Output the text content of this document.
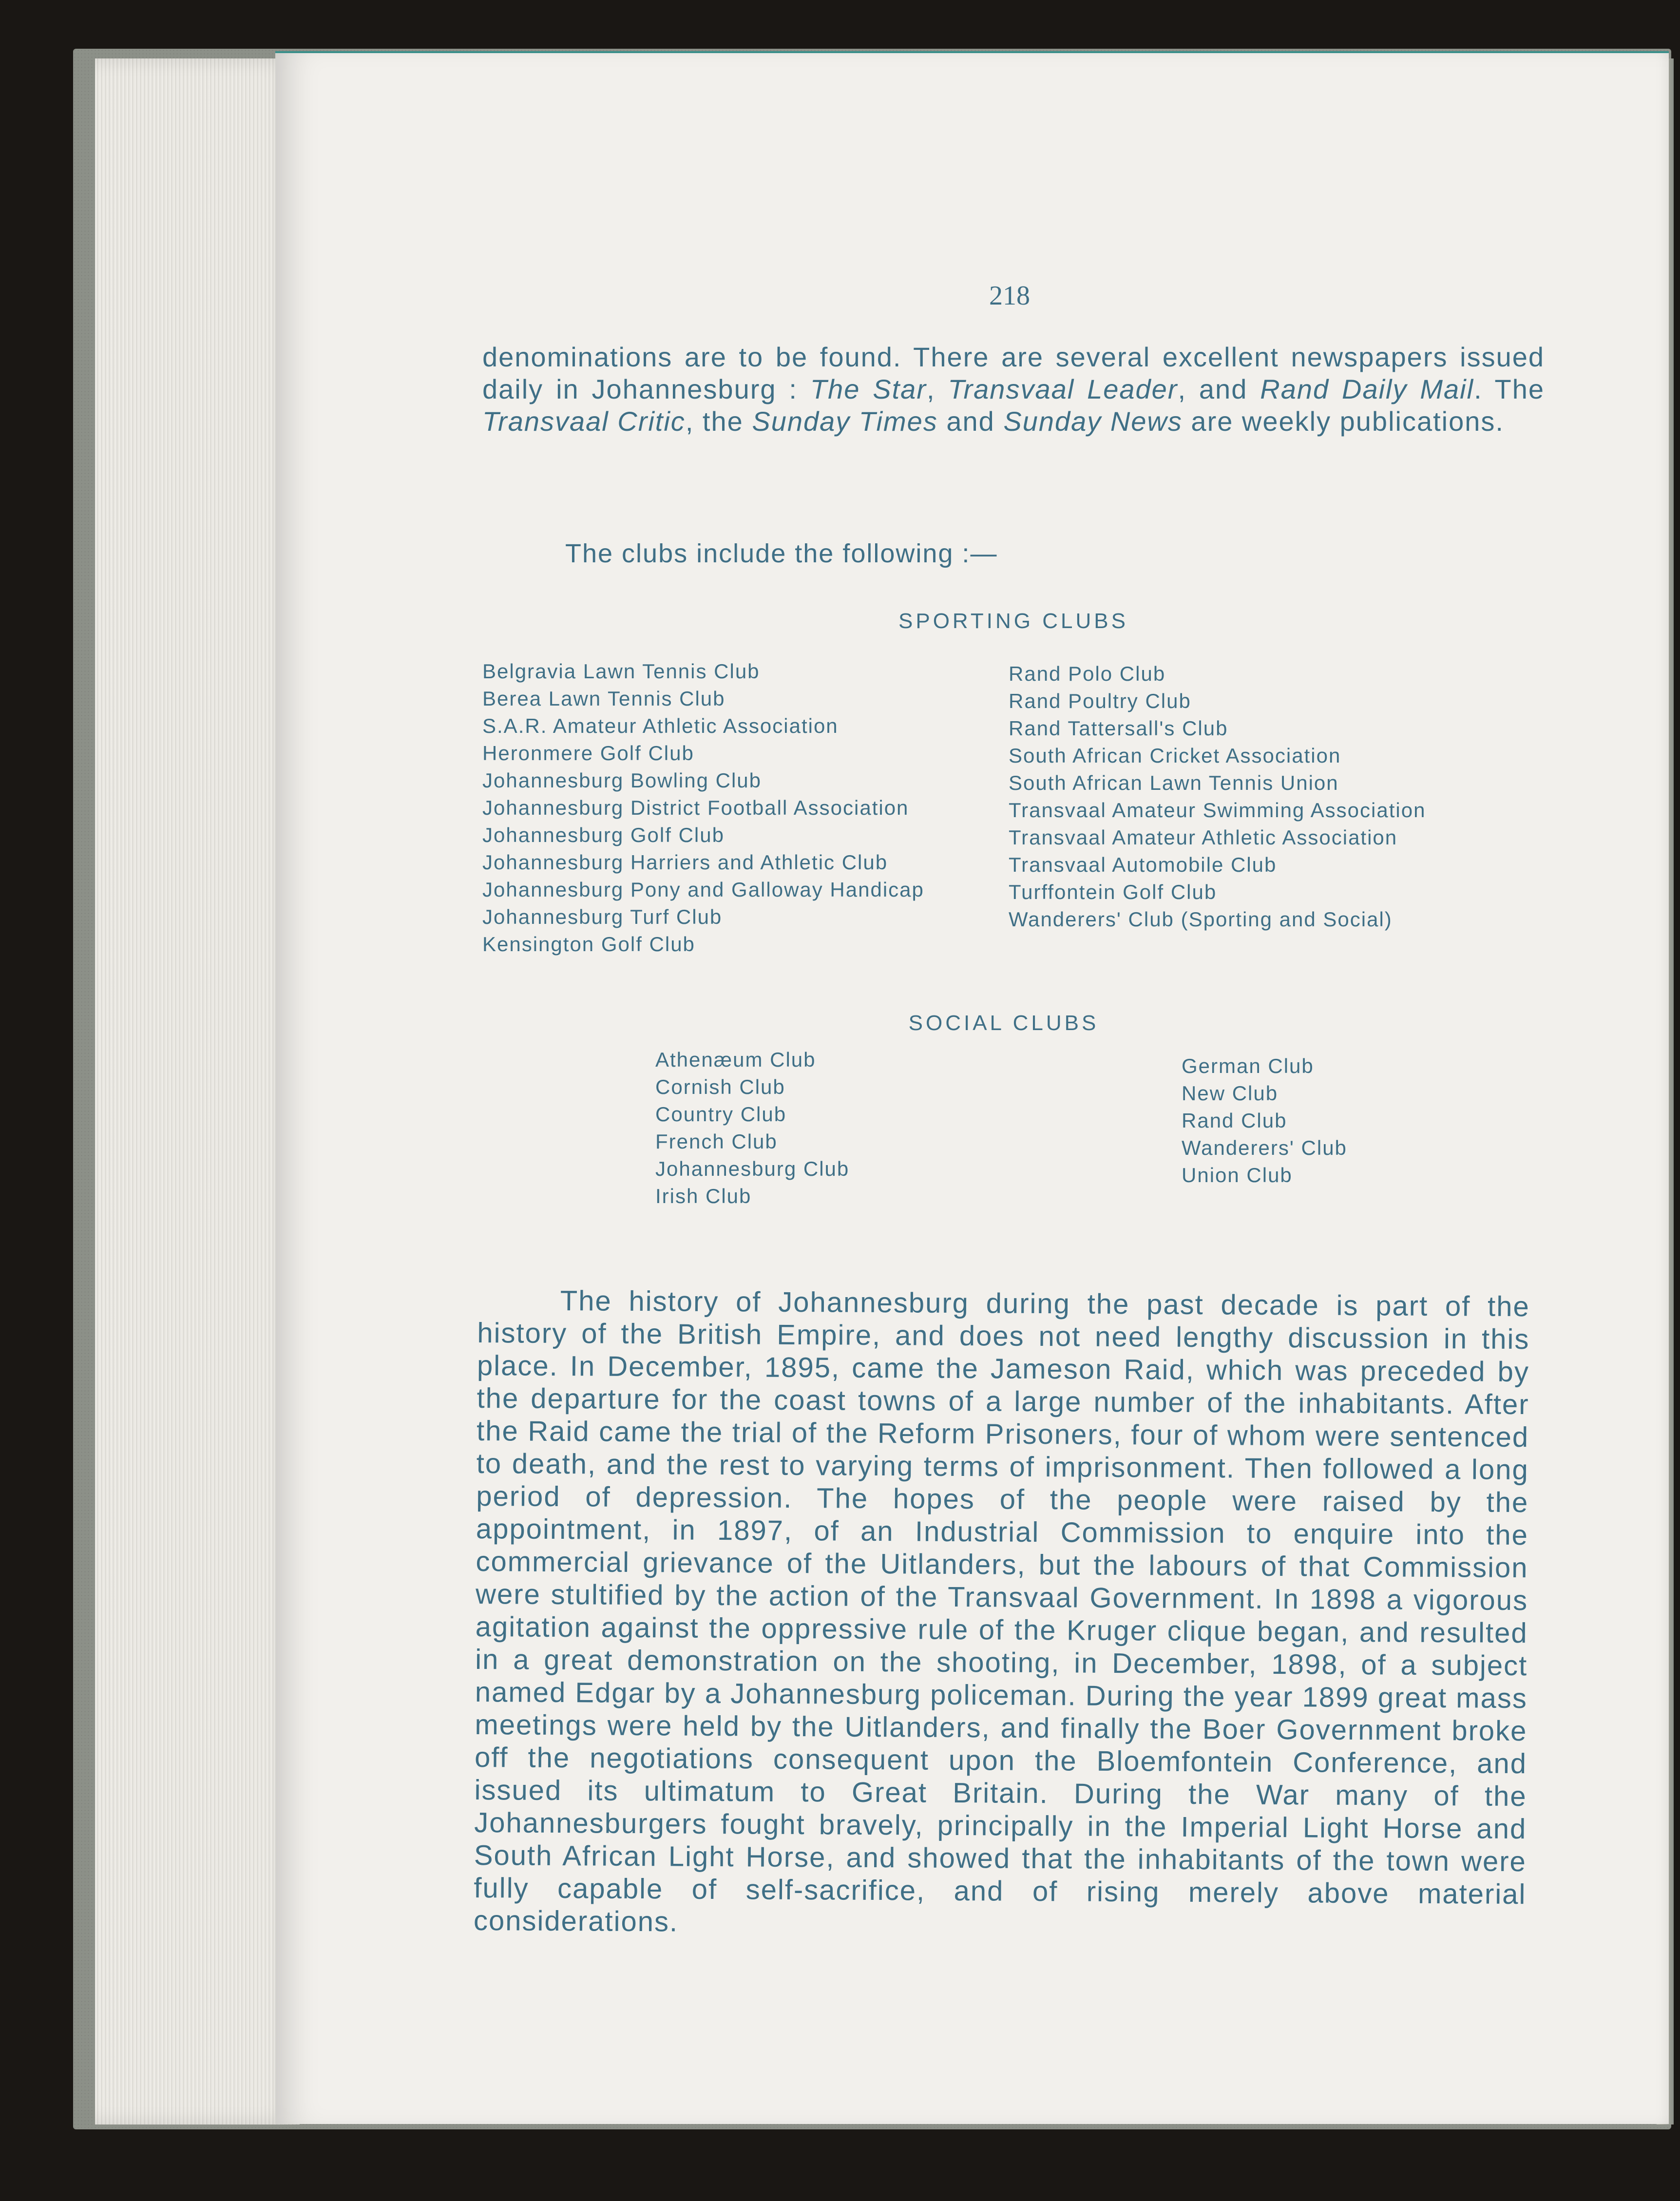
218

denominations are to be found. There are several excellent newspapers issued daily in Johannesburg : The Star, Transvaal Leader, and Rand Daily Mail. The Transvaal Critic, the Sunday Times and Sunday News are weekly publications.

The clubs include the following :—
SPORTING CLUBS
Belgravia Lawn Tennis Club
Berea Lawn Tennis Club
S.A.R. Amateur Athletic Association
Heronmere Golf Club
Johannesburg Bowling Club
Johannesburg District Football Association
Johannesburg Golf Club
Johannesburg Harriers and Athletic Club
Johannesburg Pony and Galloway Handicap
Johannesburg Turf Club
Kensington Golf Club
Rand Polo Club
Rand Poultry Club
Rand Tattersall's Club
South African Cricket Association
South African Lawn Tennis Union
Transvaal Amateur Swimming Association
Transvaal Amateur Athletic Association
Transvaal Automobile Club
Turffontein Golf Club
Wanderers' Club (Sporting and Social)
SOCIAL CLUBS
Athenæum Club
Cornish Club
Country Club
French Club
Johannesburg Club
Irish Club
German Club
New Club
Rand Club
Wanderers' Club
Union Club

The history of Johannesburg during the past decade is part of the history of the British Empire, and does not need lengthy discussion in this place. In December, 1895, came the Jameson Raid, which was preceded by the departure for the coast towns of a large number of the inhabitants. After the Raid came the trial of the Reform Prisoners, four of whom were sentenced to death, and the rest to varying terms of imprisonment. Then followed a long period of depression. The hopes of the people were raised by the appointment, in 1897, of an Industrial Commission to enquire into the commercial grievance of the Uitlanders, but the labours of that Commission were stultified by the action of the Transvaal Government. In 1898 a vigorous agitation against the oppressive rule of the Kruger clique began, and resulted in a great demonstration on the shooting, in December, 1898, of a subject named Edgar by a Johannesburg policeman. During the year 1899 great mass meetings were held by the Uitlanders, and finally the Boer Government broke off the negotiations consequent upon the Bloemfontein Conference, and issued its ultimatum to Great Britain. During the War many of the Johannesburgers fought bravely, principally in the Imperial Light Horse and South African Light Horse, and showed that the inhabitants of the town were fully capable of self-sacrifice, and of rising merely above material considerations.
